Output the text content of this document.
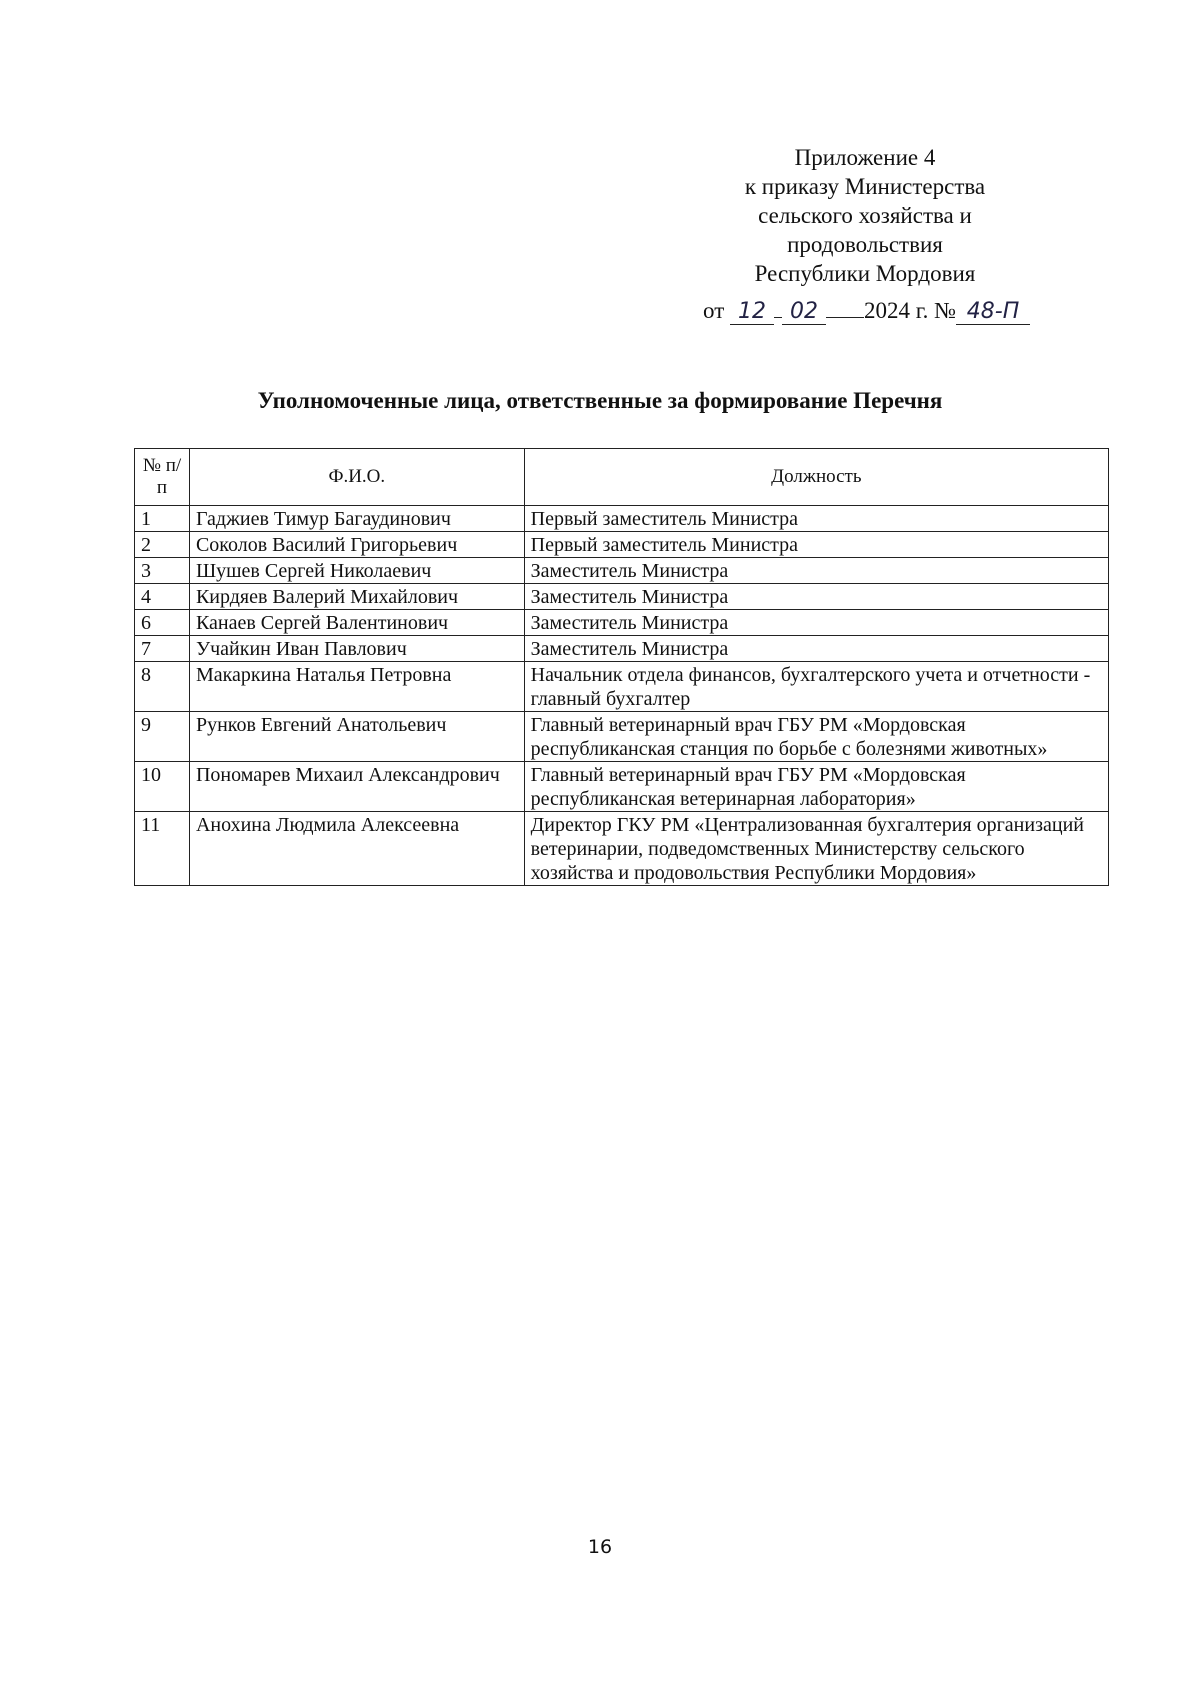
Приложение 4
к приказу Министерства
сельского хозяйства и
продовольствия
Республики Мордовия
от 12 02 2024 г. № 48-П
Уполномоченные лица, ответственные за формирование Перечня
№ п/п	Ф.И.О.	Должность
1	Гаджиев Тимур Багаудинович	Первый заместитель Министра
2	Соколов Василий Григорьевич	Первый заместитель Министра
3	Шушев Сергей Николаевич	Заместитель Министра
4	Кирдяев Валерий Михайлович	Заместитель Министра
6	Канаев Сергей Валентинович	Заместитель Министра
7	Учайкин Иван Павлович	Заместитель Министра
8	Макаркина Наталья Петровна	Начальник отдела финансов, бухгалтерского учета и отчетности - главный бухгалтер
9	Рунков Евгений Анатольевич	Главный ветеринарный врач ГБУ РМ «Мордовская республиканская станция по борьбе с болезнями животных»
10	Пономарев Михаил Александрович	Главный ветеринарный врач ГБУ РМ «Мордовская республиканская ветеринарная лаборатория»
11	Анохина Людмила Алексеевна	Директор ГКУ РМ «Централизованная бухгалтерия организаций ветеринарии, подведомственных Министерству сельского хозяйства и продовольствия Республики Мордовия»
16
